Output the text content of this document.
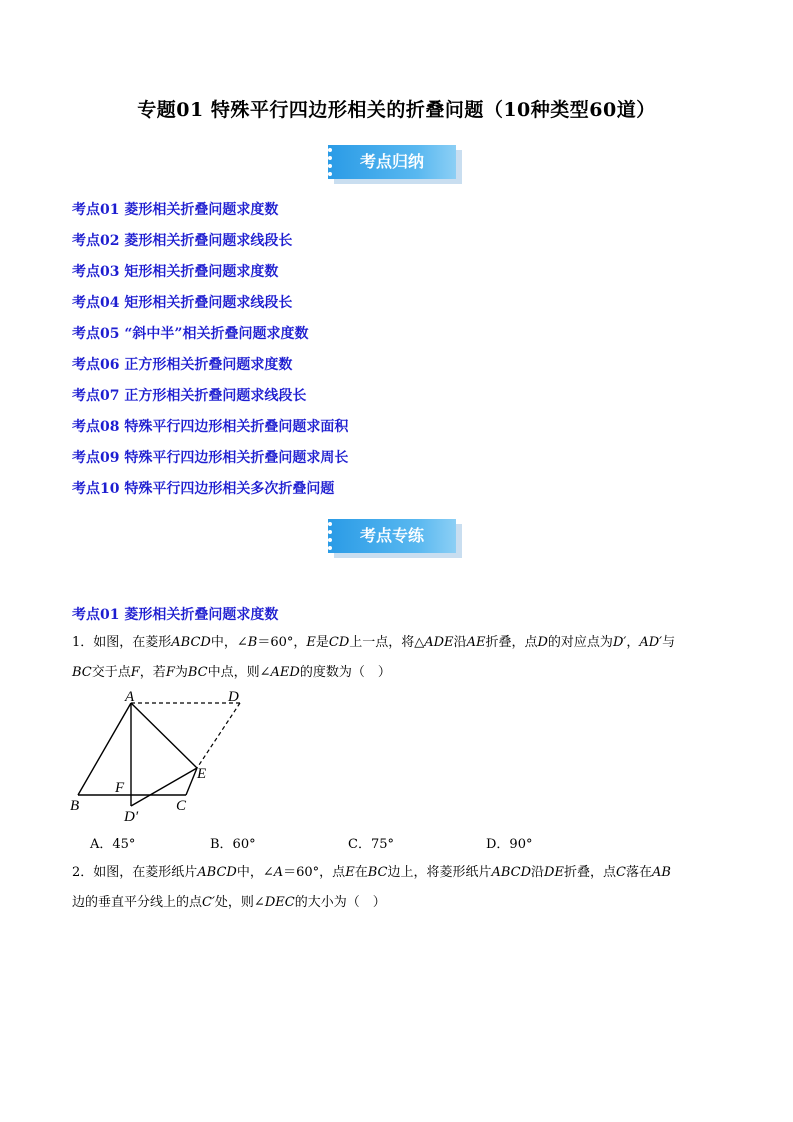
专题01 特殊平行四边形相关的折叠问题（10种类型60道）
考点归纳
考点01 菱形相关折叠问题求度数
考点02 菱形相关折叠问题求线段长
考点03 矩形相关折叠问题求度数
考点04 矩形相关折叠问题求线段长
考点05 “斜中半”相关折叠问题求度数
考点06 正方形相关折叠问题求度数
考点07 正方形相关折叠问题求线段长
考点08 特殊平行四边形相关折叠问题求面积
考点09 特殊平行四边形相关折叠问题求周长
考点10 特殊平行四边形相关多次折叠问题
考点专练
考点01 菱形相关折叠问题求度数
1．如图，在菱形ABCD中，∠B＝60°，E是CD上一点，将△ADE沿AE折叠，点D的对应点为D′，AD′与
BC交于点F，若F为BC中点，则∠AED的度数为（　）
A	D
E
F
B	C
D′
A．45°	B．60°	C．75°	D．90°
2．如图，在菱形纸片ABCD中，∠A＝60°，点E在BC边上，将菱形纸片ABCD沿DE折叠，点C落在AB
边的垂直平分线上的点C′处，则∠DEC的大小为（　）
